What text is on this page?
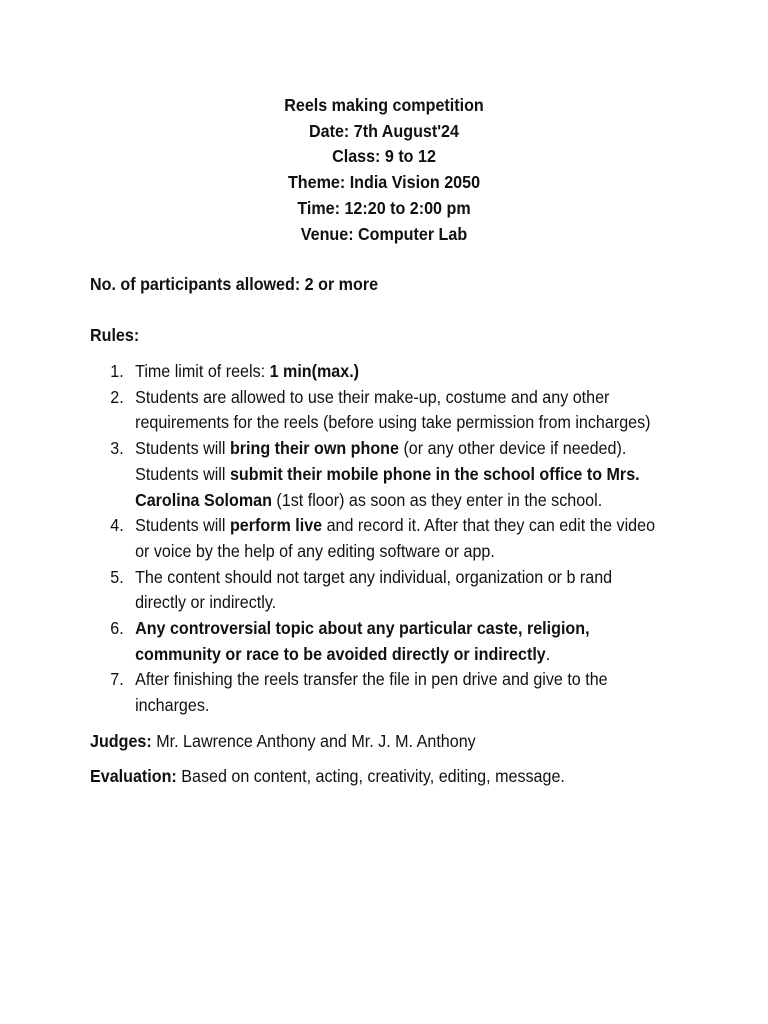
Reels making competition
Date: 7th August'24
Class: 9 to 12
Theme: India Vision 2050
Time: 12:20 to 2:00 pm
Venue: Computer Lab
No. of participants allowed: 2 or more
Rules:
1. Time limit of reels: 1 min(max.)
2. Students are allowed to use their make-up, costume and any other
requirements for the reels (before using take permission from incharges)
3. Students will bring their own phone (or any other device if needed).
Students will submit their mobile phone in the school office to Mrs.
Carolina Soloman (1st floor) as soon as they enter in the school.
4. Students will perform live and record it. After that they can edit the video
or voice by the help of any editing software or app.
5. The content should not target any individual, organization or b rand
directly or indirectly.
6. Any controversial topic about any particular caste, religion,
community or race to be avoided directly or indirectly.
7. After finishing the reels transfer the file in pen drive and give to the
incharges.
Judges: Mr. Lawrence Anthony and Mr. J. M. Anthony
Evaluation: Based on content, acting, creativity, editing, message.
